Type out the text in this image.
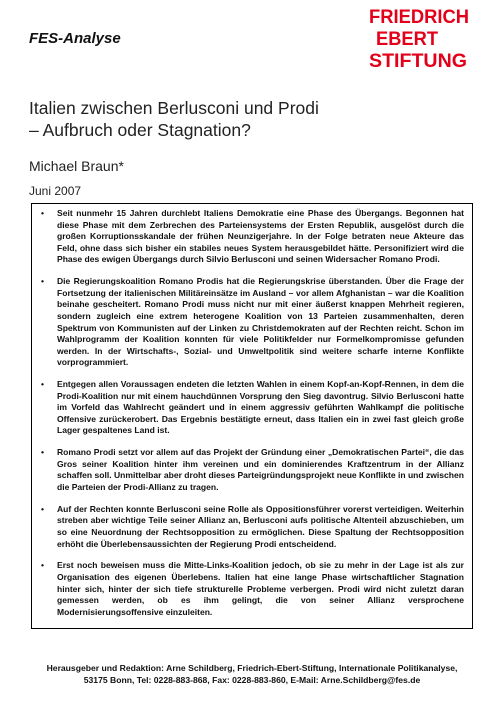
FES-Analyse
FRIEDRICH
EBERT
STIFTUNG
Italien zwischen Berlusconi und Prodi
– Aufbruch oder Stagnation?
Michael Braun*
Juni 2007
• Seit nunmehr 15 Jahren durchlebt Italiens Demokratie eine Phase des Übergangs. Begonnen hat diese Phase mit dem Zerbrechen des Parteiensystems der Ersten Republik, ausgelöst durch die großen Korruptionsskandale der frühen Neunzigerjahre. In der Folge betraten neue Akteure das Feld, ohne dass sich bisher ein stabiles neues System herausgebildet hätte. Personifiziert wird die Phase des ewigen Übergangs durch Silvio Berlusconi und seinen Widersacher Romano Prodi.
• Die Regierungskoalition Romano Prodis hat die Regierungskrise überstanden. Über die Frage der Fortsetzung der italienischen Militäreinsätze im Ausland – vor allem Afghanistan – war die Koalition beinahe gescheitert. Romano Prodi muss nicht nur mit einer äußerst knappen Mehrheit regieren, sondern zugleich eine extrem heterogene Koalition von 13 Parteien zusammenhalten, deren Spektrum von Kommunisten auf der Linken zu Christdemokraten auf der Rechten reicht. Schon im Wahlprogramm der Koalition konnten für viele Politikfelder nur Formelkompromisse gefunden werden. In der Wirtschafts-, Sozial- und Umweltpolitik sind weitere scharfe interne Konflikte vorprogrammiert.
• Entgegen allen Voraussagen endeten die letzten Wahlen in einem Kopf-an-Kopf-Rennen, in dem die Prodi-Koalition nur mit einem hauchdünnen Vorsprung den Sieg davontrug. Silvio Berlusconi hatte im Vorfeld das Wahlrecht geändert und in einem aggressiv geführten Wahlkampf die politische Offensive zurückerobert. Das Ergebnis bestätigte erneut, dass Italien ein in zwei fast gleich große Lager gespaltenes Land ist.
• Romano Prodi setzt vor allem auf das Projekt der Gründung einer „Demokratischen Partei“, die das Gros seiner Koalition hinter ihm vereinen und ein dominierendes Kraftzentrum in der Allianz schaffen soll. Unmittelbar aber droht dieses Parteigründungsprojekt neue Konflikte in und zwischen die Parteien der Prodi-Allianz zu tragen.
• Auf der Rechten konnte Berlusconi seine Rolle als Oppositionsführer vorerst verteidigen. Weiterhin streben aber wichtige Teile seiner Allianz an, Berlusconi aufs politische Altenteil abzuschieben, um so eine Neuordnung der Rechtsopposition zu ermöglichen. Diese Spaltung der Rechtsopposition erhöht die Überlebensaussichten der Regierung Prodi entscheidend.
• Erst noch beweisen muss die Mitte-Links-Koalition jedoch, ob sie zu mehr in der Lage ist als zur Organisation des eigenen Überlebens. Italien hat eine lange Phase wirtschaftlicher Stagnation hinter sich, hinter der sich tiefe strukturelle Probleme verbergen. Prodi wird nicht zuletzt daran gemessen werden, ob es ihm gelingt, die von seiner Allianz versprochene Modernisierungsoffensive einzuleiten.
Herausgeber und Redaktion: Arne Schildberg, Friedrich-Ebert-Stiftung, Internationale Politikanalyse,
53175 Bonn, Tel: 0228-883-868, Fax: 0228-883-860, E-Mail: Arne.Schildberg@fes.de
